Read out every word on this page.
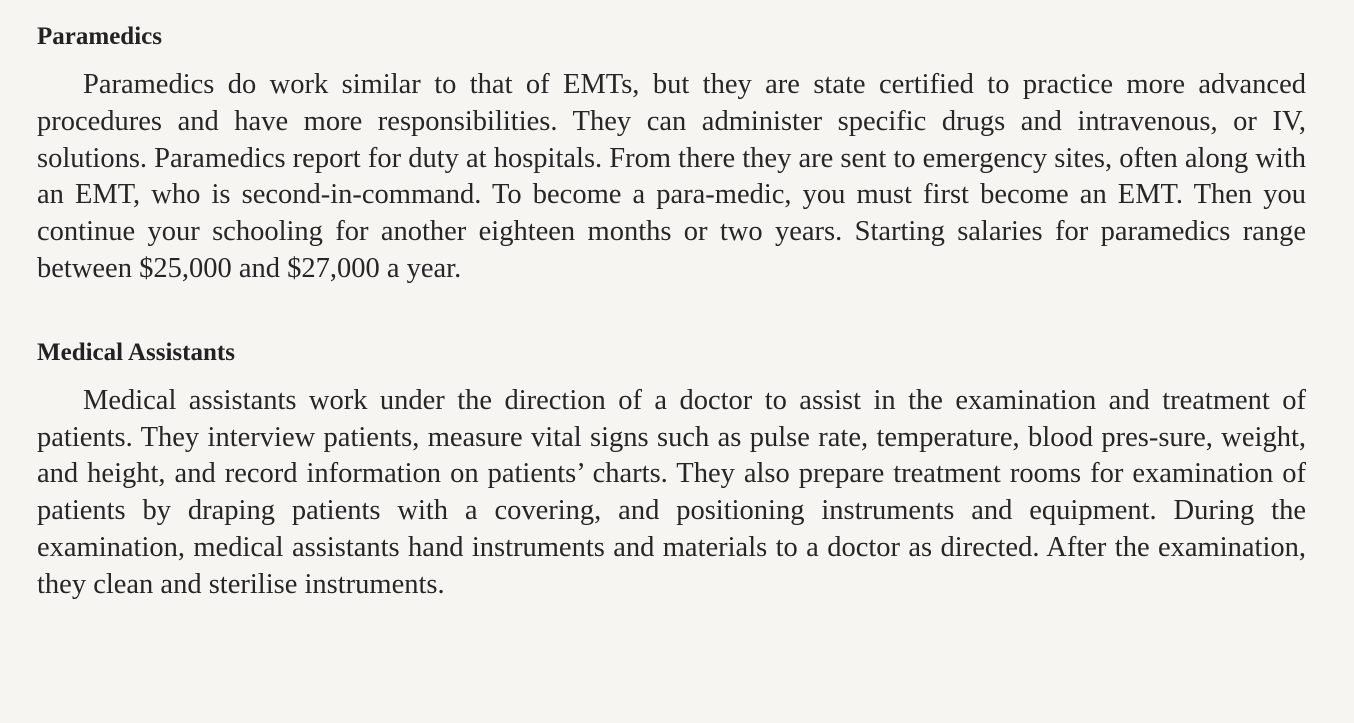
Paramedics

Paramedics do work similar to that of EMTs, but they are state certified to practice more advanced procedures and have more responsibilities. They can administer specific drugs and intravenous, or IV, solutions. Paramedics report for duty at hospitals. From there they are sent to emergency sites, often along with an EMT, who is second-in-command. To become a para-medic, you must first become an EMT. Then you continue your schooling for another eighteen months or two years. Starting salaries for paramedics range between $25,000 and $27,000 a year.

Medical Assistants

Medical assistants work under the direction of a doctor to assist in the examination and treatment of patients. They interview patients, measure vital signs such as pulse rate, temperature, blood pres-sure, weight, and height, and record information on patients’ charts. They also prepare treatment rooms for examination of patients by draping patients with a covering, and positioning instruments and equipment. During the examination, medical assistants hand instruments and materials to a doctor as directed. After the examination, they clean and sterilise instruments.
